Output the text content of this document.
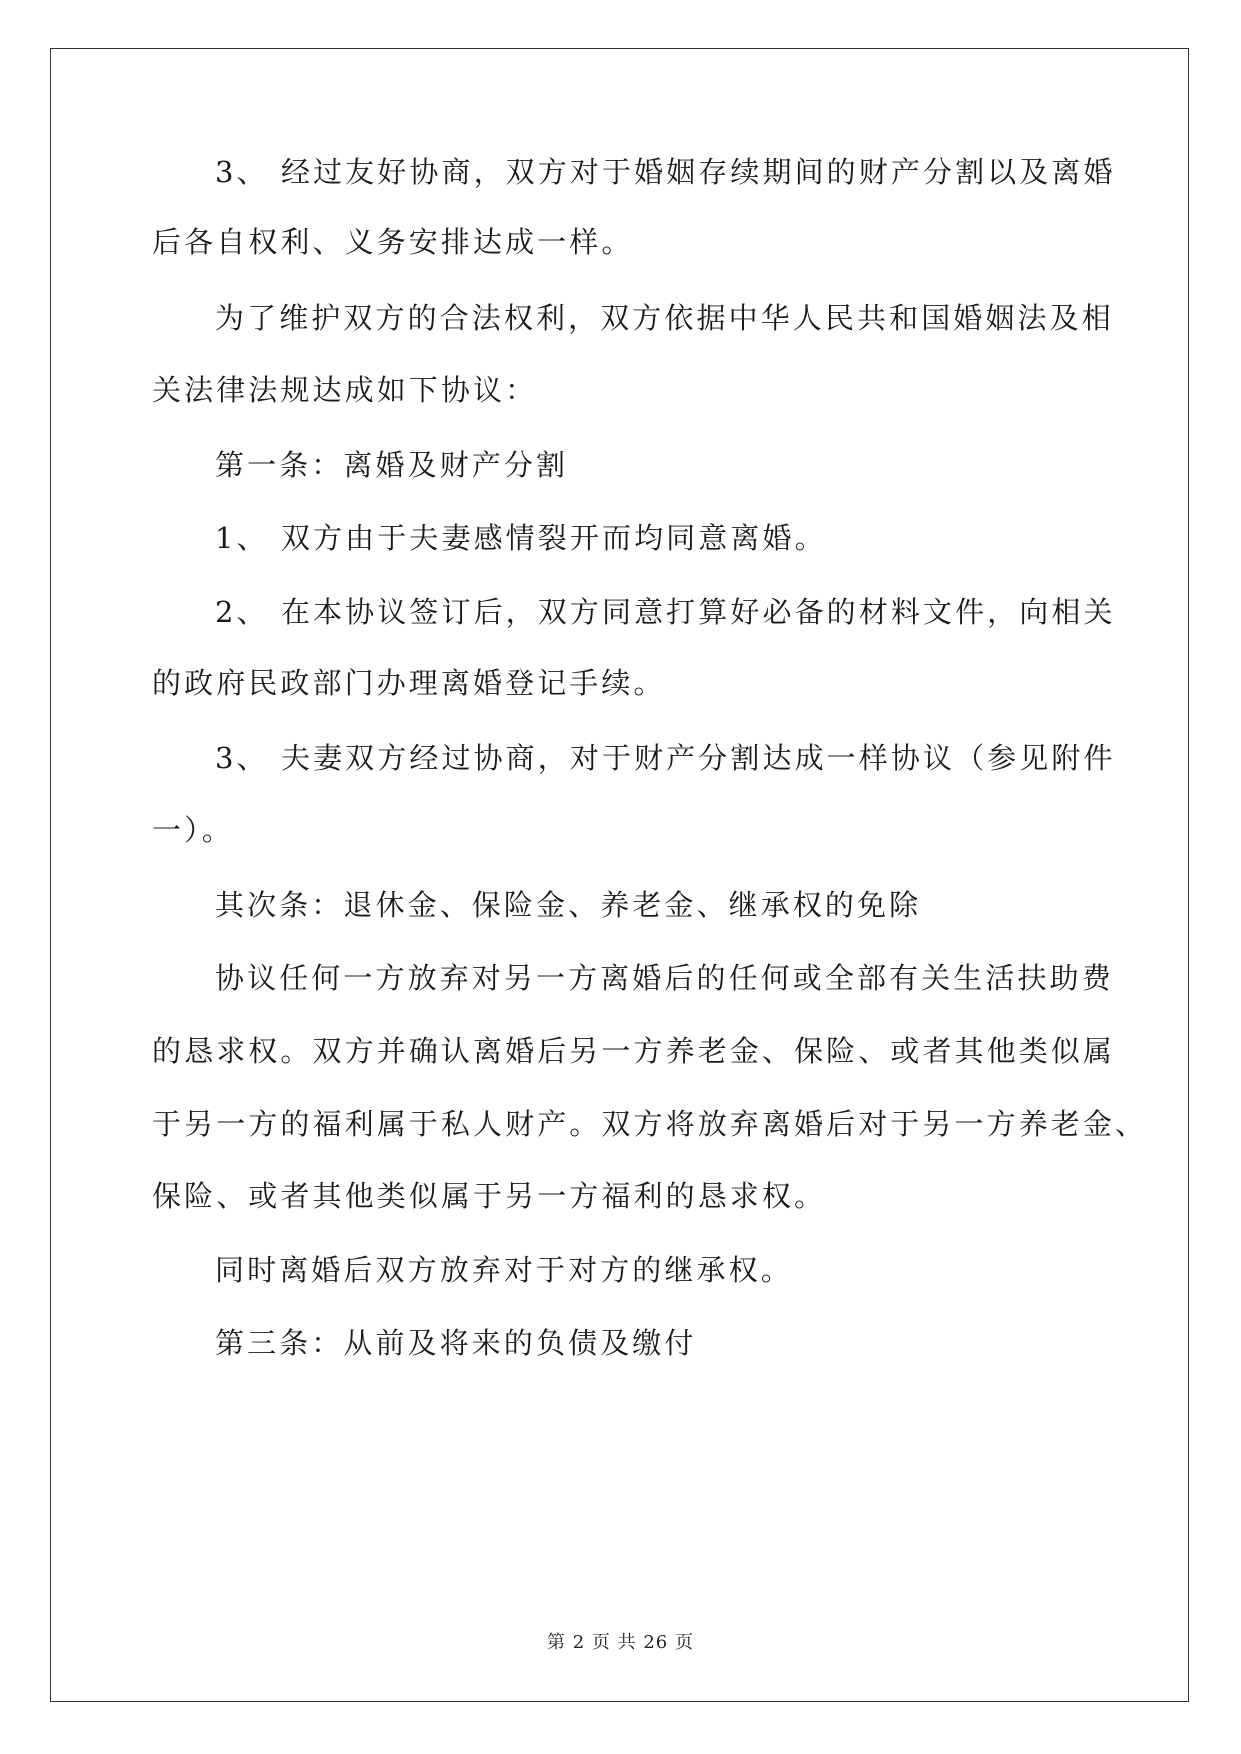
3、 经过友好协商，双方对于婚姻存续期间的财产分割以及离婚

后各自权利、义务安排达成一样。

为了维护双方的合法权利，双方依据中华人民共和国婚姻法及相

关法律法规达成如下协议：

第一条：离婚及财产分割

1、 双方由于夫妻感情裂开而均同意离婚。

2、 在本协议签订后，双方同意打算好必备的材料文件，向相关

的政府民政部门办理离婚登记手续。

3、 夫妻双方经过协商，对于财产分割达成一样协议（参见附件

一）。

其次条：退休金、保险金、养老金、继承权的免除

协议任何一方放弃对另一方离婚后的任何或全部有关生活扶助费

的恳求权。双方并确认离婚后另一方养老金、保险、或者其他类似属

于另一方的福利属于私人财产。双方将放弃离婚后对于另一方养老金、

保险、或者其他类似属于另一方福利的恳求权。

同时离婚后双方放弃对于对方的继承权。

第三条：从前及将来的负债及缴付

第 2 页 共 26 页
